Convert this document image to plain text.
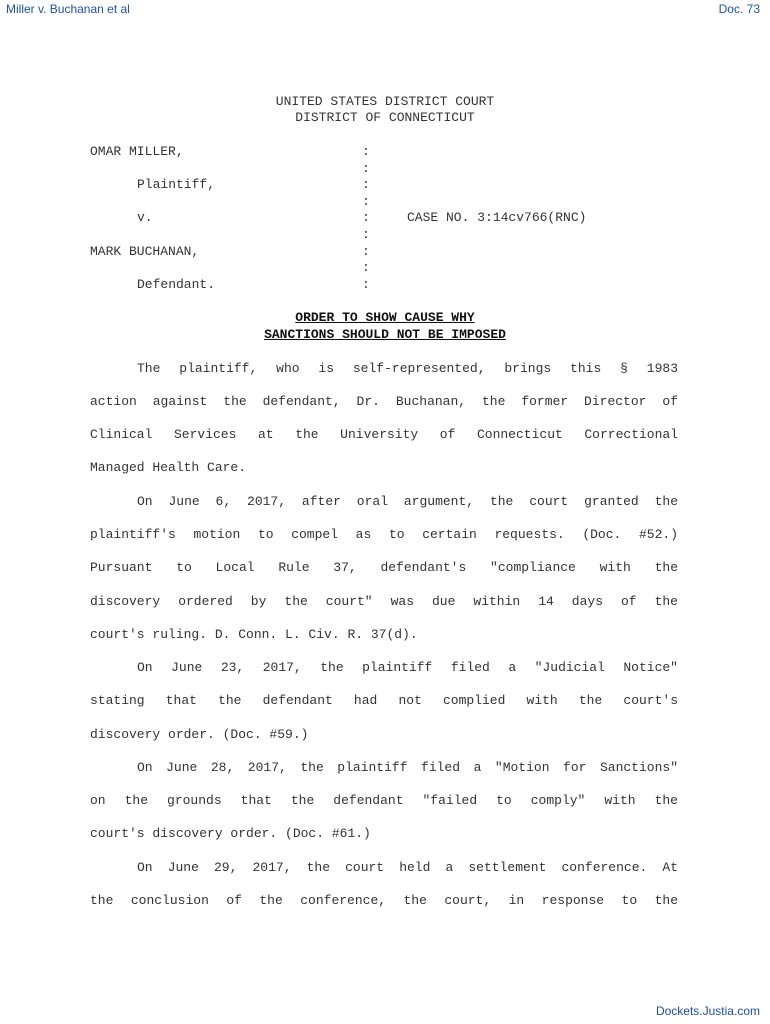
Miller v. Buchanan et al	Doc. 73
UNITED STATES DISTRICT COURT
DISTRICT OF CONNECTICUT
OMAR MILLER,
Plaintiff,
v.	CASE NO. 3:14cv766(RNC)
MARK BUCHANAN,
Defendant.
:
:
:
:
:
:
:
:
:
ORDER TO SHOW CAUSE WHY
SANCTIONS SHOULD NOT BE IMPOSED
The plaintiff, who is self-represented, brings this § 1983
action against the defendant, Dr. Buchanan, the former Director of
Clinical Services at the University of Connecticut Correctional
Managed Health Care.
On June 6, 2017, after oral argument, the court granted the
plaintiff's motion to compel as to certain requests. (Doc. #52.)
Pursuant to Local Rule 37, defendant's "compliance with the
discovery ordered by the court" was due within 14 days of the
court's ruling. D. Conn. L. Civ. R. 37(d).
On June 23, 2017, the plaintiff filed a "Judicial Notice"
stating that the defendant had not complied with the court's
discovery order. (Doc. #59.)
On June 28, 2017, the plaintiff filed a "Motion for Sanctions"
on the grounds that the defendant "failed to comply" with the
court's discovery order. (Doc. #61.)
On June 29, 2017, the court held a settlement conference. At
the conclusion of the conference, the court, in response to the
Dockets.Justia.com
